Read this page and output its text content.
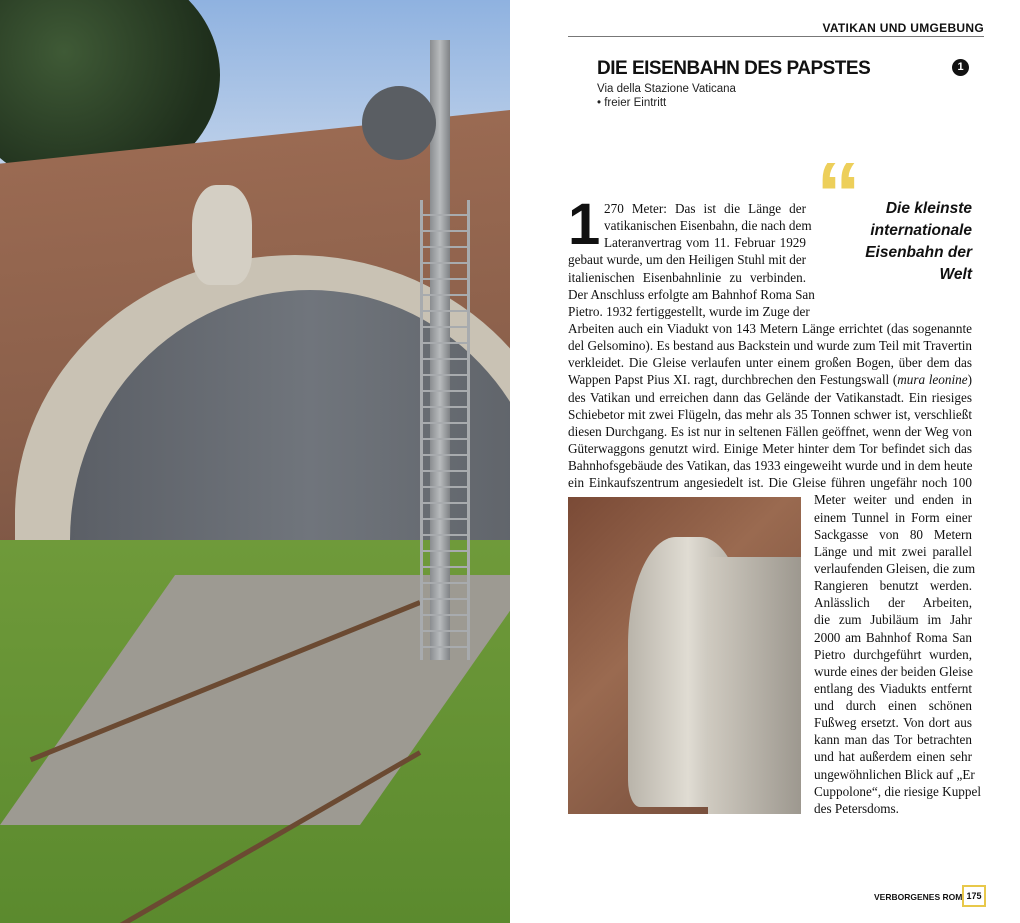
VATIKAN UND UMGEBUNG
DIE EISENBAHN DES PAPSTES	1
Via della Stazione Vaticana
• freier Eintritt
“	Die kleinste internationale Eisenbahn der Welt
1 270 Meter: Das ist die Länge der
vatikanischen Eisenbahn, die nach dem
Lateranvertrag vom 11. Februar 1929
gebaut wurde, um den Heiligen Stuhl mit der
italienischen Eisenbahnlinie zu verbinden.
Der Anschluss erfolgte am Bahnhof Roma San
Pietro. 1932 fertiggestellt, wurde im Zuge der
Arbeiten auch ein Viadukt von 143 Metern Länge errichtet (das sogenannte
del Gelsomino). Es bestand aus Backstein und wurde zum Teil mit Travertin
verkleidet. Die Gleise verlaufen unter einem großen Bogen, über dem das
Wappen Papst Pius XI. ragt, durchbrechen den Festungswall (mura leonine)
des Vatikan und erreichen dann das Gelände der Vatikanstadt. Ein riesiges
Schiebetor mit zwei Flügeln, das mehr als 35 Tonnen schwer ist, verschließt
diesen Durchgang. Es ist nur in seltenen Fällen geöffnet, wenn der Weg von
Güterwaggons genutzt wird. Einige Meter hinter dem Tor befindet sich das
Bahnhofsgebäude des Vatikan, das 1933 eingeweiht wurde und in dem heute
ein Einkaufszentrum angesiedelt ist. Die Gleise führen ungefähr noch 100
Meter weiter und enden in
einem Tunnel in Form einer
Sackgasse von 80 Metern
Länge und mit zwei parallel
verlaufenden Gleisen, die zum
Rangieren benutzt werden.
Anlässlich der Arbeiten,
die zum Jubiläum im Jahr
2000 am Bahnhof Roma San
Pietro durchgeführt wurden,
wurde eines der beiden Gleise
entlang des Viadukts entfernt
und durch einen schönen
Fußweg ersetzt. Von dort aus
kann man das Tor betrachten
und hat außerdem einen sehr
ungewöhnlichen Blick auf „Er
Cuppolone“, die riesige Kuppel
des Petersdoms.
VERBORGENES ROM 175
